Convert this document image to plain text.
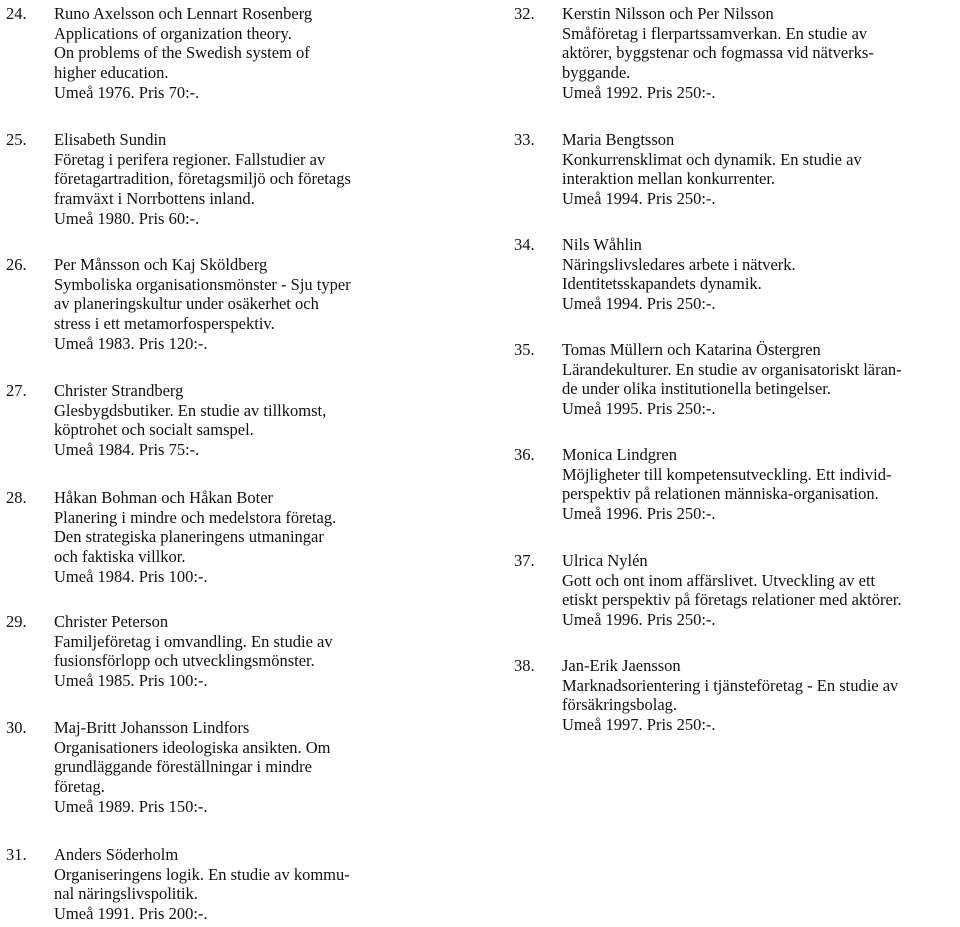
24. Runo Axelsson och Lennart Rosenberg
Applications of organization theory.
On problems of the Swedish system of
higher education.
Umeå 1976. Pris 70:-.
25. Elisabeth Sundin
Företag i perifera regioner. Fallstudier av
företagartradition, företagsmiljö och företags
framväxt i Norrbottens inland.
Umeå 1980. Pris 60:-.
26. Per Månsson och Kaj Sköldberg
Symboliska organisationsmönster - Sju typer
av planeringskultur under osäkerhet och
stress i ett metamorfosperspektiv.
Umeå 1983. Pris 120:-.
27. Christer Strandberg
Glesbygdsbutiker. En studie av tillkomst,
köptrohet och socialt samspel.
Umeå 1984. Pris 75:-.
28. Håkan Bohman och Håkan Boter
Planering i mindre och medelstora företag.
Den strategiska planeringens utmaningar
och faktiska villkor.
Umeå 1984. Pris 100:-.
29. Christer Peterson
Familjeföretag i omvandling. En studie av
fusionsförlopp och utvecklingsmönster.
Umeå 1985. Pris 100:-.
30. Maj-Britt Johansson Lindfors
Organisationers ideologiska ansikten. Om
grundläggande föreställningar i mindre
företag.
Umeå 1989. Pris 150:-.
31. Anders Söderholm
Organiseringens logik. En studie av kommu-
nal näringslivspolitik.
Umeå 1991. Pris 200:-.
32. Kerstin Nilsson och Per Nilsson
Småföretag i flerpartssamverkan. En studie av
aktörer, byggstenar och fogmassa vid nätverks-
byggande.
Umeå 1992. Pris 250:-.
33. Maria Bengtsson
Konkurrensklimat och dynamik. En studie av
interaktion mellan konkurrenter.
Umeå 1994. Pris 250:-.
34. Nils Wåhlin
Näringslivsledares arbete i nätverk.
Identitetsskapandets dynamik.
Umeå 1994. Pris 250:-.
35. Tomas Müllern och Katarina Östergren
Lärandekulturer. En studie av organisatoriskt läran-
de under olika institutionella betingelser.
Umeå 1995. Pris 250:-.
36. Monica Lindgren
Möjligheter till kompetensutveckling. Ett individ-
perspektiv på relationen människa-organisation.
Umeå 1996. Pris 250:-.
37. Ulrica Nylén
Gott och ont inom affärslivet. Utveckling av ett
etiskt perspektiv på företags relationer med aktörer.
Umeå 1996. Pris 250:-.
38. Jan-Erik Jaensson
Marknadsorientering i tjänsteföretag - En studie av
försäkringsbolag.
Umeå 1997. Pris 250:-.
